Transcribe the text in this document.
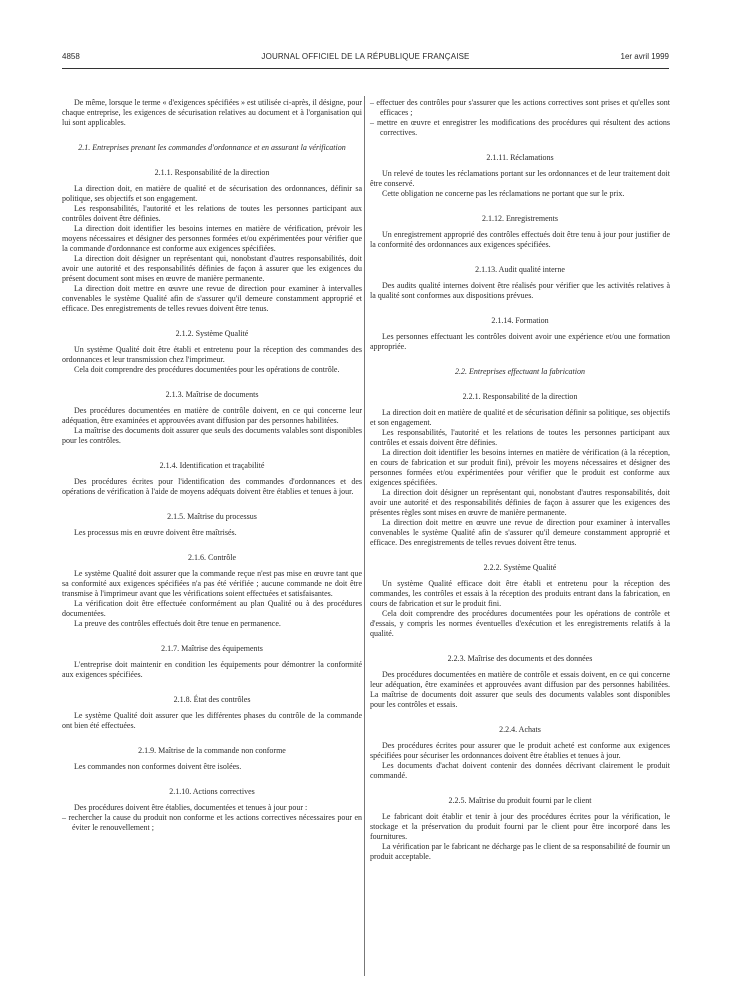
4858	JOURNAL OFFICIEL DE LA RÉPUBLIQUE FRANÇAISE	1er avril 1999

De même, lorsque le terme « d'exigences spécifiées » est utilisée ci-après, il désigne, pour chaque entreprise, les exigences de sécurisation relatives au document et à l'organisation qui lui sont applicables.

2.1. Entreprises prenant les commandes d'ordonnance et en assurant la vérification
2.1.1. Responsabilité de la direction

La direction doit, en matière de qualité et de sécurisation des ordonnances, définir sa politique, ses objectifs et son engagement.

Les responsabilités, l'autorité et les relations de toutes les personnes participant aux contrôles doivent être définies.

La direction doit identifier les besoins internes en matière de vérification, prévoir les moyens nécessaires et désigner des personnes formées et/ou expérimentées pour vérifier que la commande d'ordonnance est conforme aux exigences spécifiées.

La direction doit désigner un représentant qui, nonobstant d'autres responsabilités, doit avoir une autorité et des responsabilités définies de façon à assurer que les exigences du présent document sont mises en œuvre de manière permanente.

La direction doit mettre en œuvre une revue de direction pour examiner à intervalles convenables le système Qualité afin de s'assurer qu'il demeure constamment approprié et efficace. Des enregistrements de telles revues doivent être tenus.

2.1.2. Système Qualité

Un système Qualité doit être établi et entretenu pour la réception des commandes des ordonnances et leur transmission chez l'imprimeur.

Cela doit comprendre des procédures documentées pour les opérations de contrôle.

2.1.3. Maîtrise de documents

Des procédures documentées en matière de contrôle doivent, en ce qui concerne leur adéquation, être examinées et approuvées avant diffusion par des personnes habilitées.

La maîtrise des documents doit assurer que seuls des documents valables sont disponibles pour les contrôles.

2.1.4. Identification et traçabilité

Des procédures écrites pour l'identification des commandes d'ordonnances et des opérations de vérification à l'aide de moyens adéquats doivent être établies et tenues à jour.

2.1.5. Maîtrise du processus

Les processus mis en œuvre doivent être maîtrisés.

2.1.6. Contrôle

Le système Qualité doit assurer que la commande reçue n'est pas mise en œuvre tant que sa conformité aux exigences spécifiées n'a pas été vérifiée ; aucune commande ne doit être transmise à l'imprimeur avant que les vérifications soient effectuées et satisfaisantes.

La vérification doit être effectuée conformément au plan Qualité ou à des procédures documentées.

La preuve des contrôles effectués doit être tenue en permanence.

2.1.7. Maîtrise des équipements

L'entreprise doit maintenir en condition les équipements pour démontrer la conformité aux exigences spécifiées.

2.1.8. État des contrôles

Le système Qualité doit assurer que les différentes phases du contrôle de la commande ont bien été effectuées.

2.1.9. Maîtrise de la commande non conforme

Les commandes non conformes doivent être isolées.

2.1.10. Actions correctives

Des procédures doivent être établies, documentées et tenues à jour pour :

– rechercher la cause du produit non conforme et les actions correctives nécessaires pour en éviter le renouvellement ;
– effectuer des contrôles pour s'assurer que les actions correctives sont prises et qu'elles sont efficaces ;
– mettre en œuvre et enregistrer les modifications des procédures qui résultent des actions correctives.
2.1.11. Réclamations

Un relevé de toutes les réclamations portant sur les ordonnances et de leur traitement doit être conservé.

Cette obligation ne concerne pas les réclamations ne portant que sur le prix.

2.1.12. Enregistrements

Un enregistrement approprié des contrôles effectués doit être tenu à jour pour justifier de la conformité des ordonnances aux exigences spécifiées.

2.1.13. Audit qualité interne

Des audits qualité internes doivent être réalisés pour vérifier que les activités relatives à la qualité sont conformes aux dispositions prévues.

2.1.14. Formation

Les personnes effectuant les contrôles doivent avoir une expérience et/ou une formation appropriée.

2.2. Entreprises effectuant la fabrication
2.2.1. Responsabilité de la direction

La direction doit en matière de qualité et de sécurisation définir sa politique, ses objectifs et son engagement.

Les responsabilités, l'autorité et les relations de toutes les personnes participant aux contrôles et essais doivent être définies.

La direction doit identifier les besoins internes en matière de vérification (à la réception, en cours de fabrication et sur produit fini), prévoir les moyens nécessaires et désigner des personnes formées et/ou expérimentées pour vérifier que le produit est conforme aux exigences spécifiées.

La direction doit désigner un représentant qui, nonobstant d'autres responsabilités, doit avoir une autorité et des responsabilités définies de façon à assurer que les exigences des présentes règles sont mises en œuvre de manière permanente.

La direction doit mettre en œuvre une revue de direction pour examiner à intervalles convenables le système Qualité afin de s'assurer qu'il demeure constamment approprié et efficace. Des enregistrements de telles revues doivent être tenus.

2.2.2. Système Qualité

Un système Qualité efficace doit être établi et entretenu pour la réception des commandes, les contrôles et essais à la réception des produits entrant dans la fabrication, en cours de fabrication et sur le produit fini.

Cela doit comprendre des procédures documentées pour les opérations de contrôle et d'essais, y compris les normes éventuelles d'exécution et les enregistrements relatifs à la qualité.

2.2.3. Maîtrise des documents et des données

Des procédures documentées en matière de contrôle et essais doivent, en ce qui concerne leur adéquation, être examinées et approuvées avant diffusion par des personnes habilitées. La maîtrise de documents doit assurer que seuls des documents valables sont disponibles pour les contrôles et essais.

2.2.4. Achats

Des procédures écrites pour assurer que le produit acheté est conforme aux exigences spécifiées pour sécuriser les ordonnances doivent être établies et tenues à jour.

Les documents d'achat doivent contenir des données décrivant clairement le produit commandé.

2.2.5. Maîtrise du produit fourni par le client

Le fabricant doit établir et tenir à jour des procédures écrites pour la vérification, le stockage et la préservation du produit fourni par le client pour être incorporé dans les fournitures.

La vérification par le fabricant ne décharge pas le client de sa responsabilité de fournir un produit acceptable.
